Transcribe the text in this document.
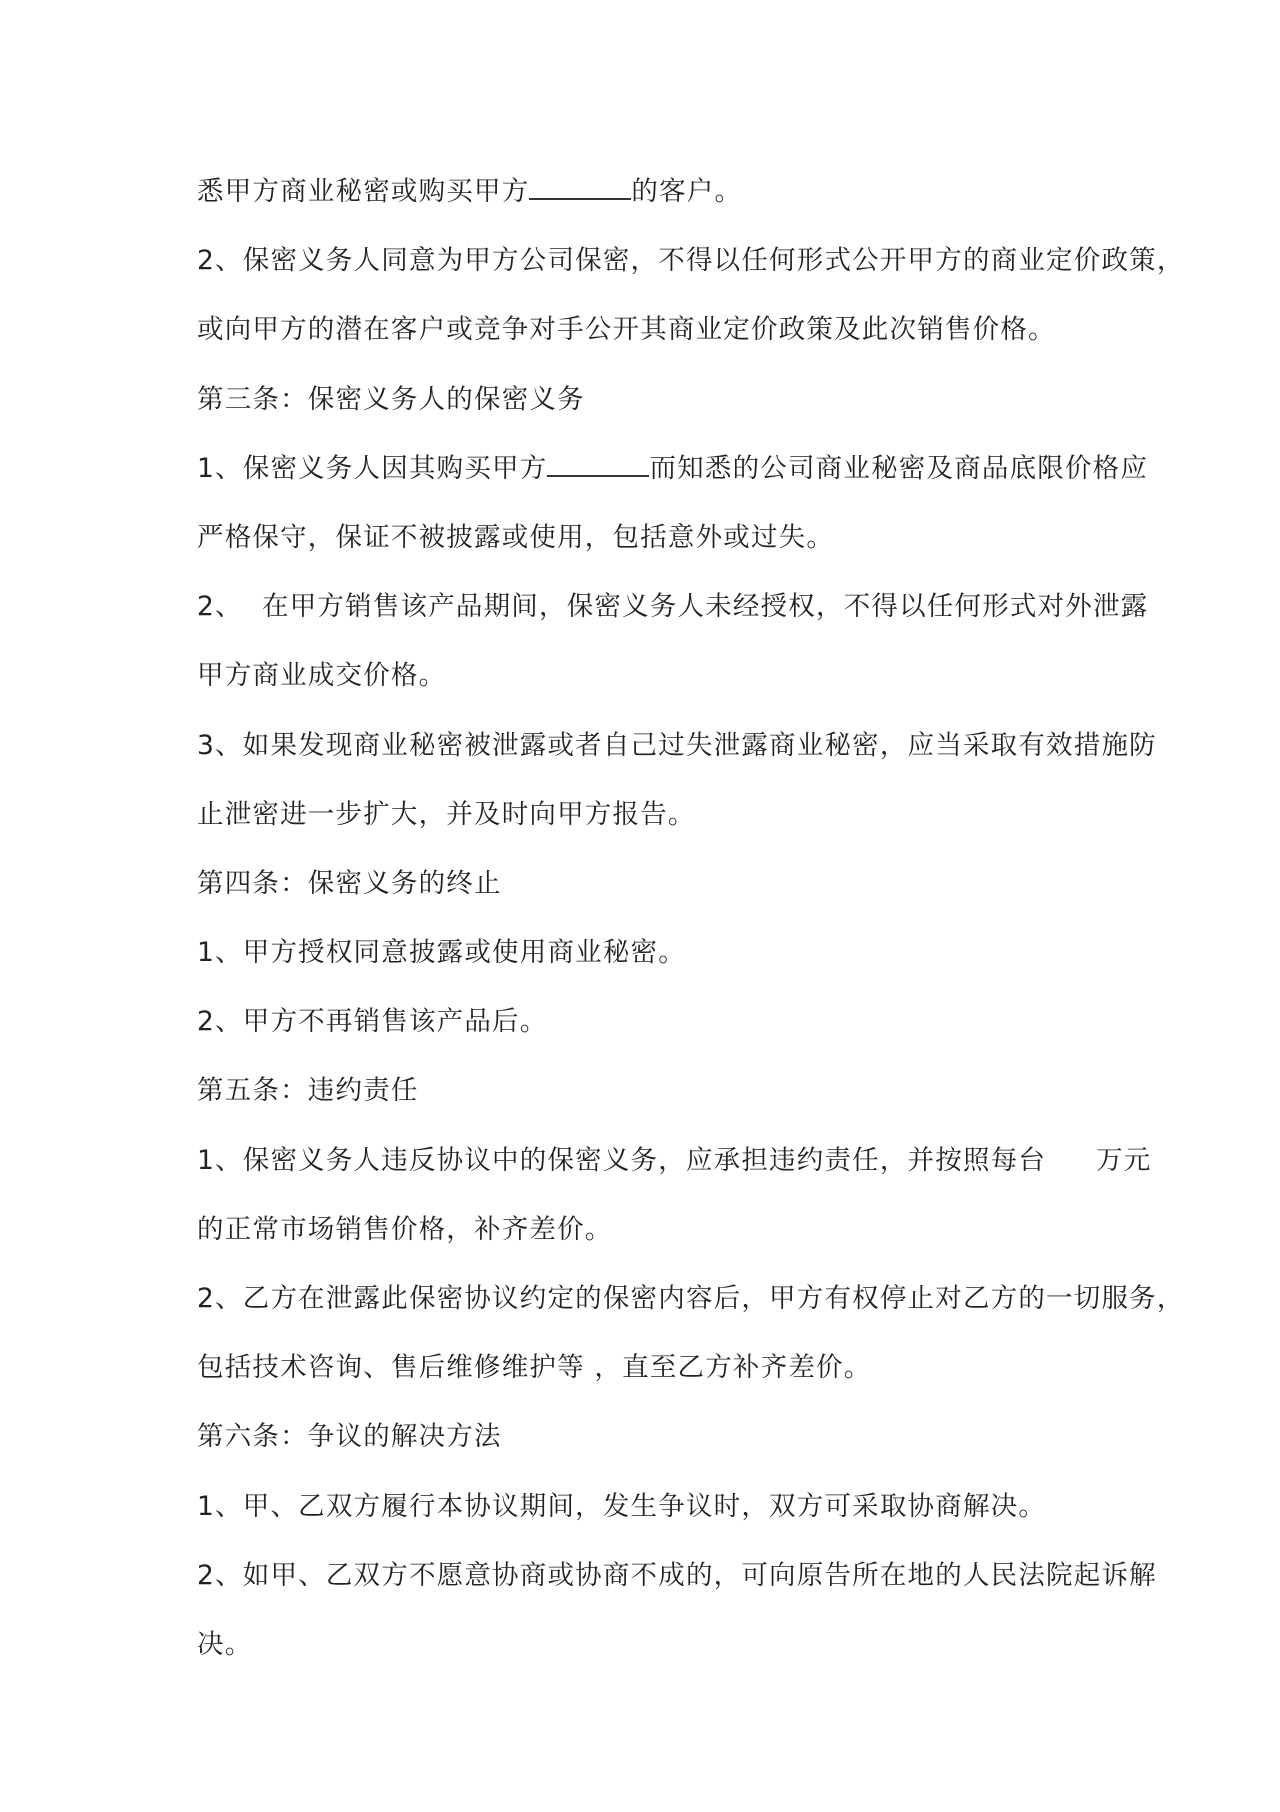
悉甲方商业秘密或购买甲方	的客户。
2、保密义务人同意为甲方公司保密，不得以任何形式公开甲方的商业定价政策，
或向甲方的潜在客户或竞争对手公开其商业定价政策及此次销售价格。
第三条：保密义务人的保密义务
1、保密义务人因其购买甲方	而知悉的公司商业秘密及商品底限价格应
严格保守，保证不被披露或使用，包括意外或过失。
2、  在甲方销售该产品期间，保密义务人未经授权，不得以任何形式对外泄露
甲方商业成交价格。
3、如果发现商业秘密被泄露或者自己过失泄露商业秘密，应当采取有效措施防
止泄密进一步扩大，并及时向甲方报告。
第四条：保密义务的终止
1、甲方授权同意披露或使用商业秘密。
2、甲方不再销售该产品后。
第五条：违约责任
1、保密义务人违反协议中的保密义务，应承担违约责任，并按照每台 万元
的正常市场销售价格，补齐差价。
2、乙方在泄露此保密协议约定的保密内容后，甲方有权停止对乙方的一切服务，
包括技术咨询、售后维修维护等 ，直至乙方补齐差价。
第六条：争议的解决方法
1、甲、乙双方履行本协议期间，发生争议时，双方可采取协商解决。
2、如甲、乙双方不愿意协商或协商不成的，可向原告所在地的人民法院起诉解
决。
